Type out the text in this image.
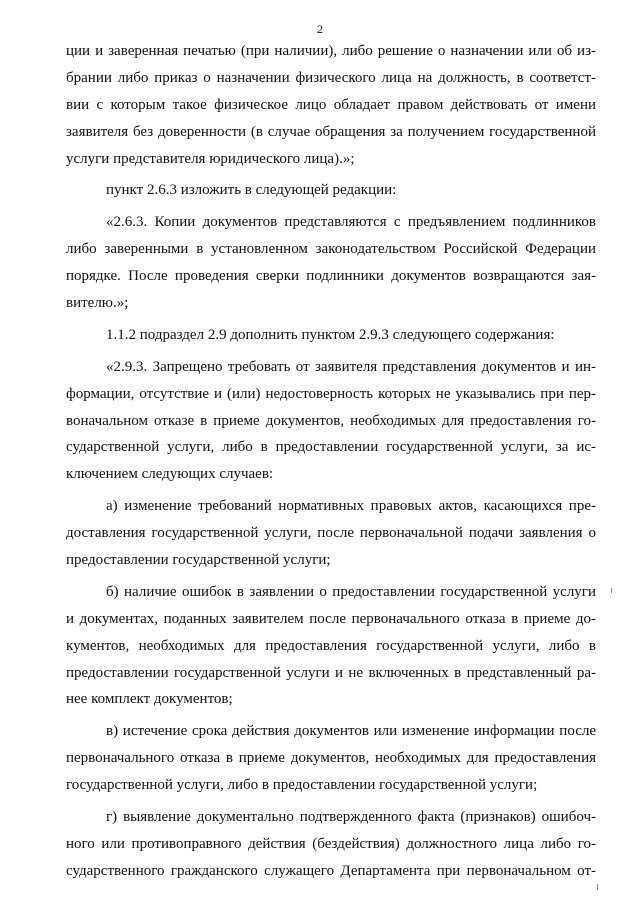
2
ции и заверенная печатью (при наличии), либо решение о назначении или об из-
брании либо приказ о назначении физического лица на должность, в соответст-
вии с которым такое физическое лицо обладает правом действовать от имени
заявителя без доверенности (в случае обращения за получением государственной
услуги представителя юридического лица).»;
пункт 2.6.3 изложить в следующей редакции:
«2.6.3. Копии документов представляются с предъявлением подлинников
либо заверенными в установленном законодательством Российской Федерации
порядке. После проведения сверки подлинники документов возвращаются зая-
вителю.»;
1.1.2 подраздел 2.9 дополнить пунктом 2.9.3 следующего содержания:
«2.9.3. Запрещено требовать от заявителя представления документов и ин-
формации, отсутствие и (или) недостоверность которых не указывались при пер-
воначальном отказе в приеме документов, необходимых для предоставления го-
сударственной услуги, либо в предоставлении государственной услуги, за ис-
ключением следующих случаев:
а) изменение требований нормативных правовых актов, касающихся пре-
доставления государственной услуги, после первоначальной подачи заявления о
предоставлении государственной услуги;
б) наличие ошибок в заявлении о предоставлении государственной услуги
и документах, поданных заявителем после первоначального отказа в приеме до-
кументов, необходимых для предоставления государственной услуги, либо в
предоставлении государственной услуги и не включенных в представленный ра-
нее комплект документов;
в) истечение срока действия документов или изменение информации после
первоначального отказа в приеме документов, необходимых для предоставления
государственной услуги, либо в предоставлении государственной услуги;
г) выявление документально подтвержденного факта (признаков) ошибоч-
ного или противоправного действия (бездействия) должностного лица либо го-
сударственного гражданского служащего Департамента при первоначальном от-
